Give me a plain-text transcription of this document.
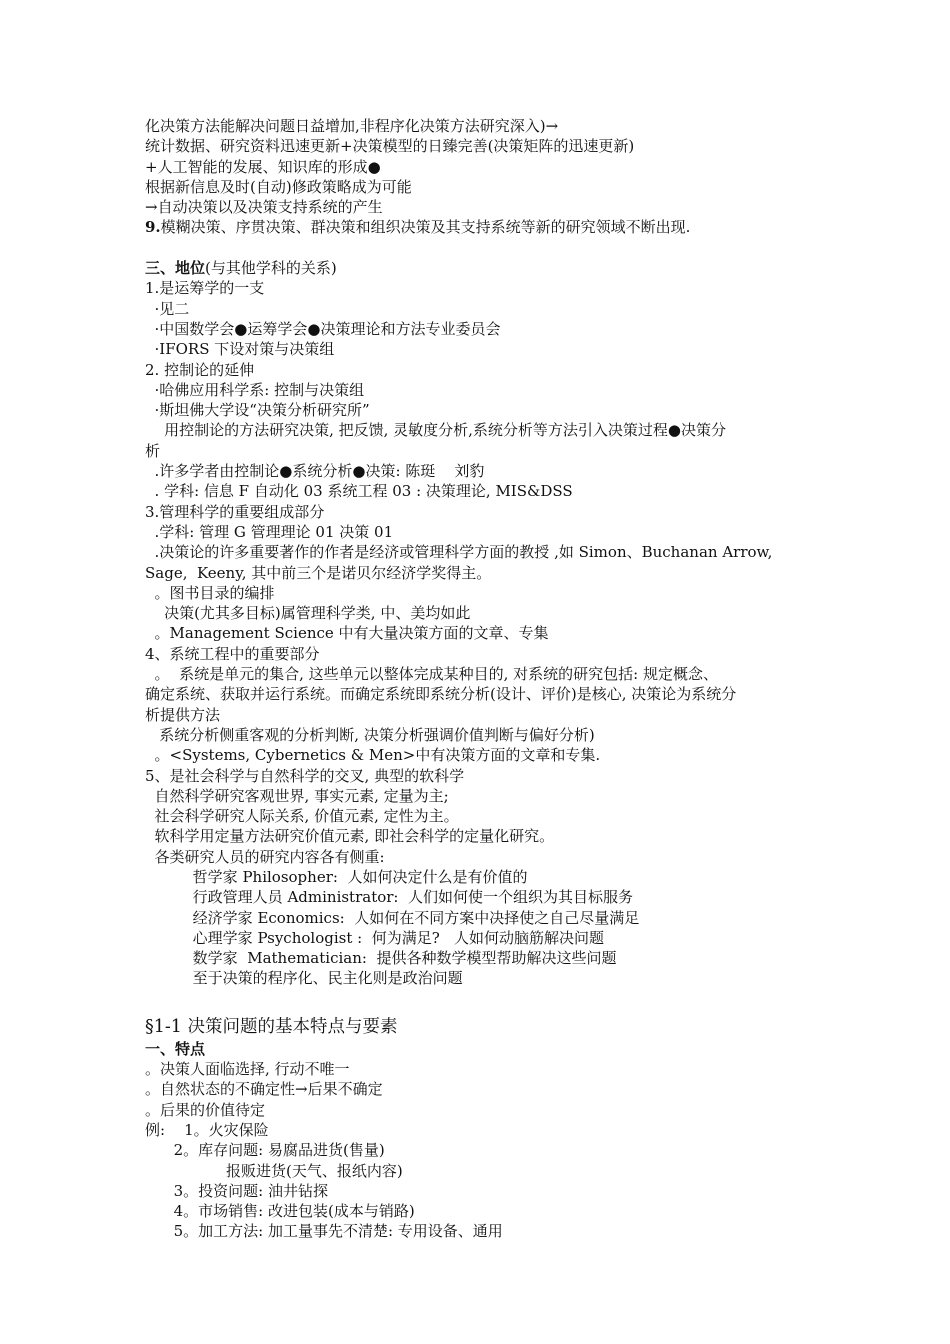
化决策方法能解决问题日益增加,非程序化决策方法研究深入)→

统计数据、研究资料迅速更新+决策模型的日臻完善(决策矩阵的迅速更新)

+人工智能的发展、知识库的形成●

根据新信息及时(自动)修政策略成为可能

→自动决策以及决策支持系统的产生

9.模糊决策、序贯决策、群决策和组织决策及其支持系统等新的研究领域不断出现.

三、地位(与其他学科的关系)

1.是运筹学的一支

·见二

·中国数学会●运筹学会●决策理论和方法专业委员会

·IFORS 下设对策与决策组

2. 控制论的延伸

·哈佛应用科学系: 控制与决策组

·斯坦佛大学设“决策分析研究所”

用控制论的方法研究决策, 把反馈, 灵敏度分析,系统分析等方法引入决策过程●决策分

析

.许多学者由控制论●系统分析●决策: 陈珽    刘豹

. 学科: 信息 F 自动化 03 系统工程 03 : 决策理论, MIS&DSS

3.管理科学的重要组成部分

.学科: 管理 G 管理理论 01 决策 01

.决策论的许多重要著作的作者是经济或管理科学方面的教授 ,如 Simon、Buchanan Arrow,

Sage,  Keeny, 其中前三个是诺贝尔经济学奖得主。

。图书目录的编排

决策(尤其多目标)属管理科学类, 中、美均如此

。Management Science 中有大量决策方面的文章、专集

4、系统工程中的重要部分

。  系统是单元的集合, 这些单元以整体完成某种目的, 对系统的研究包括: 规定概念、

确定系统、获取并运行系统。而确定系统即系统分析(设计、评价)是核心, 决策论为系统分

析提供方法

系统分析侧重客观的分析判断, 决策分析强调价值判断与偏好分析)

。<Systems, Cybernetics & Men>中有决策方面的文章和专集.

5、是社会科学与自然科学的交叉, 典型的软科学

自然科学研究客观世界, 事实元素, 定量为主;

社会科学研究人际关系, 价值元素, 定性为主。

软科学用定量方法研究价值元素, 即社会科学的定量化研究。

各类研究人员的研究内容各有侧重:

哲学家 Philosopher:  人如何决定什么是有价值的

行政管理人员 Administrator:  人们如何使一个组织为其目标服务

经济学家 Economics:  人如何在不同方案中决择使之自己尽量满足

心理学家 Psychologist :  何为满足?   人如何动脑筋解决问题

数学家  Mathematician:  提供各种数学模型帮助解决这些问题

至于决策的程序化、民主化则是政治问题

§1-1 决策问题的基本特点与要素

一、特点

。决策人面临选择, 行动不唯一

。自然状态的不确定性→后果不确定

。后果的价值待定

例:    1。火灾保险

2。库存问题: 易腐品进货(售量)

报贩进货(天气、报纸内容)

3。投资问题: 油井钻探

4。市场销售: 改进包装(成本与销路)

5。加工方法: 加工量事先不清楚: 专用设备、通用
